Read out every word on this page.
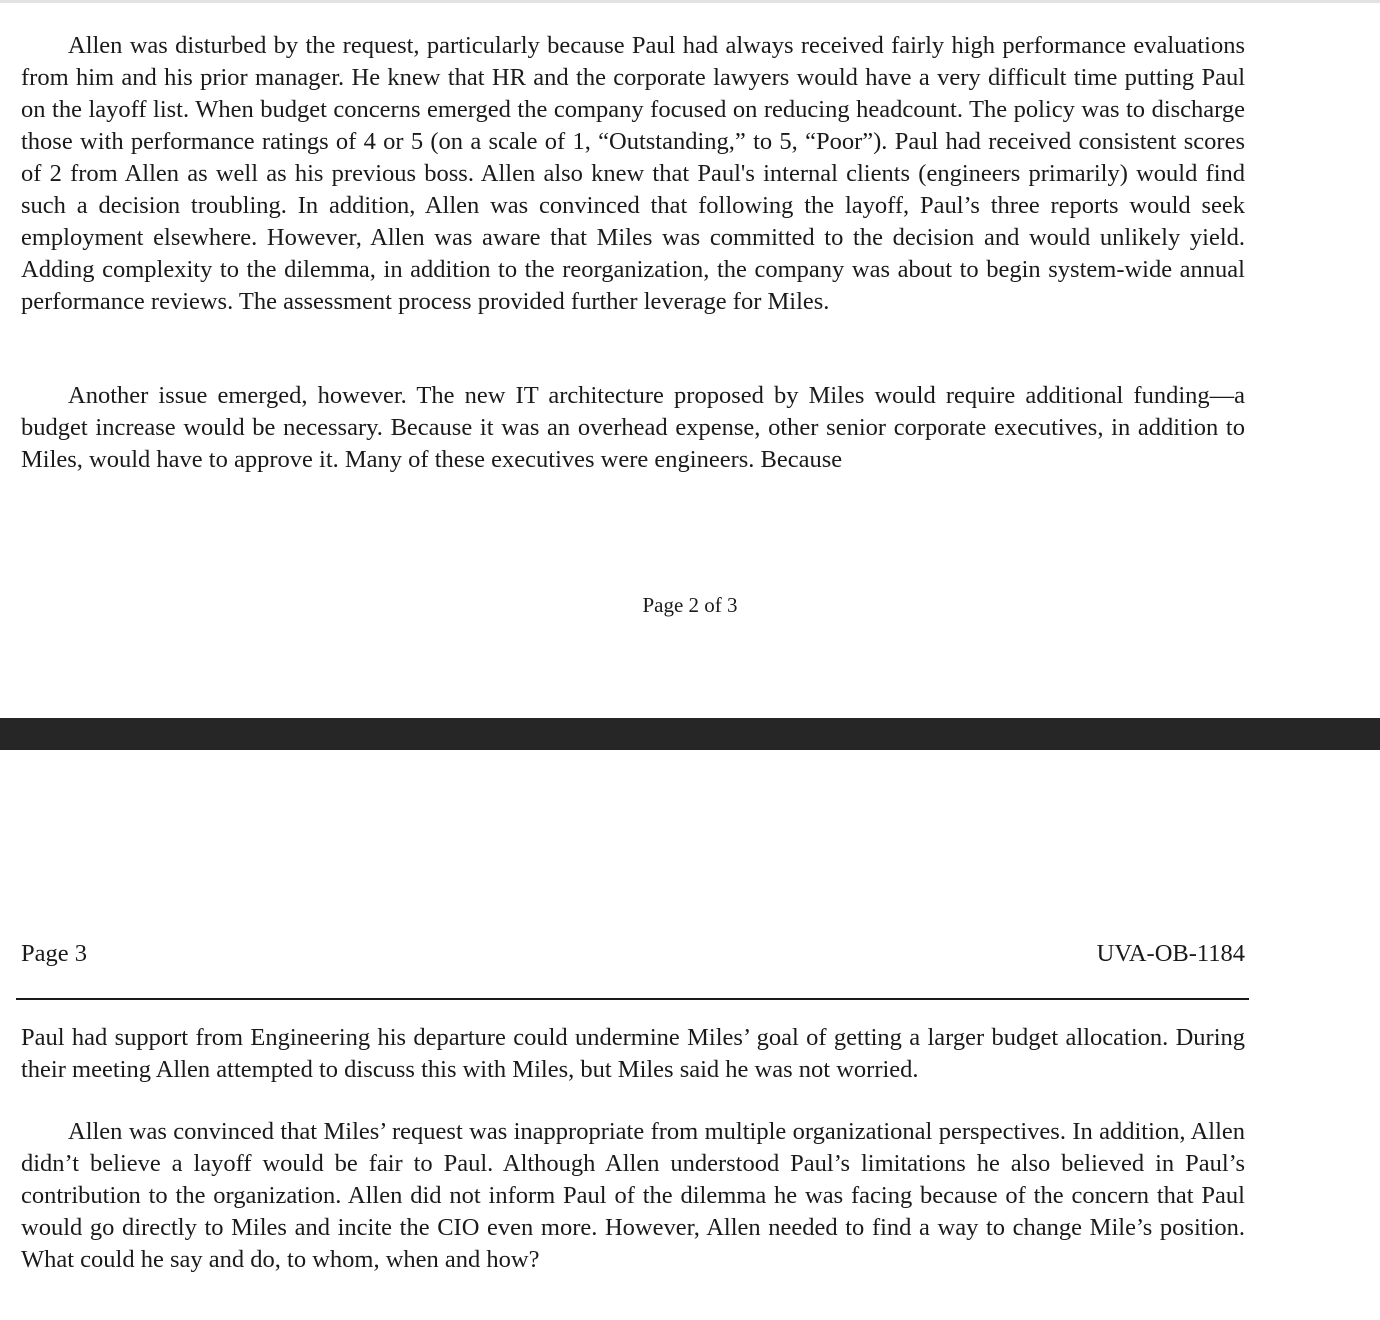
Allen was disturbed by the request, particularly because Paul had always received fairly high performance evaluations from him and his prior manager. He knew that HR and the corporate lawyers would have a very difficult time putting Paul on the layoff list. When budget concerns emerged the company focused on reducing headcount. The policy was to discharge those with performance ratings of 4 or 5 (on a scale of 1, “Outstanding,” to 5, “Poor”). Paul had received consistent scores of 2 from Allen as well as his previous boss. Allen also knew that Paul's internal clients (engineers primarily) would find such a decision troubling. In addition, Allen was convinced that following the layoff, Paul’s three reports would seek employment elsewhere. However, Allen was aware that Miles was committed to the decision and would unlikely yield. Adding complexity to the dilemma, in addition to the reorganization, the company was about to begin system-wide annual performance reviews. The assessment process provided further leverage for Miles.

Another issue emerged, however. The new IT architecture proposed by Miles would require additional funding—a budget increase would be necessary. Because it was an overhead expense, other senior corporate executives, in addition to Miles, would have to approve it. Many of these executives were engineers. Because

Page 2 of 3

Page 3	UVA-OB-1184

Paul had support from Engineering his departure could undermine Miles’ goal of getting a larger budget allocation. During their meeting Allen attempted to discuss this with Miles, but Miles said he was not worried.

Allen was convinced that Miles’ request was inappropriate from multiple organizational perspectives. In addition, Allen didn’t believe a layoff would be fair to Paul. Although Allen understood Paul’s limitations he also believed in Paul’s contribution to the organization. Allen did not inform Paul of the dilemma he was facing because of the concern that Paul would go directly to Miles and incite the CIO even more. However, Allen needed to find a way to change Mile’s position. What could he say and do, to whom, when and how?
